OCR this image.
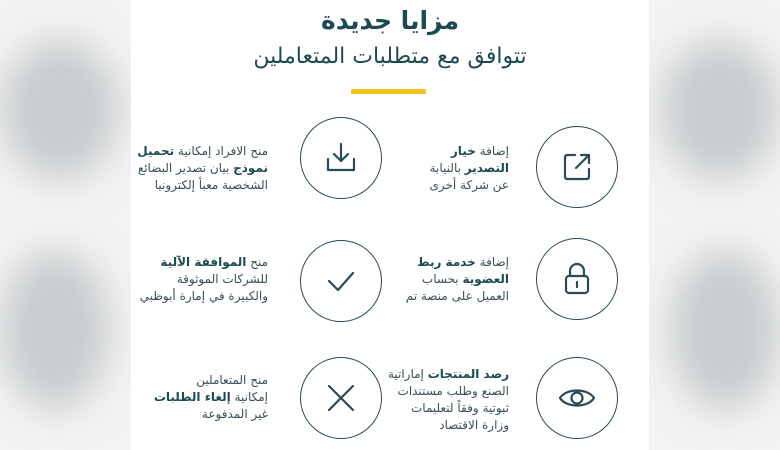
مزايا جديدة
تتوافق مع متطلبات المتعاملين
إضافة خيار
التصدير بالنيابة
عن شركة أخرى
منح الافراد إمكانية تحميل
نموذج بيان تصدير البضائع
الشخصية معبأ إلكترونيا
إضافة خدمة ربط
العضوية بحساب
العميل على منصة تم
منح الموافقة الآلية
للشركات الموثوقة
والكبيرة في إمارة أبوظبي
رصد المنتجات إماراتية
الصنع وطلب مستندات
ثبوتية وفقاً لتعليمات
وزارة الاقتصاد
منح المتعاملين
إمكانية إلغاء الطلبات
غير المدفوعة
